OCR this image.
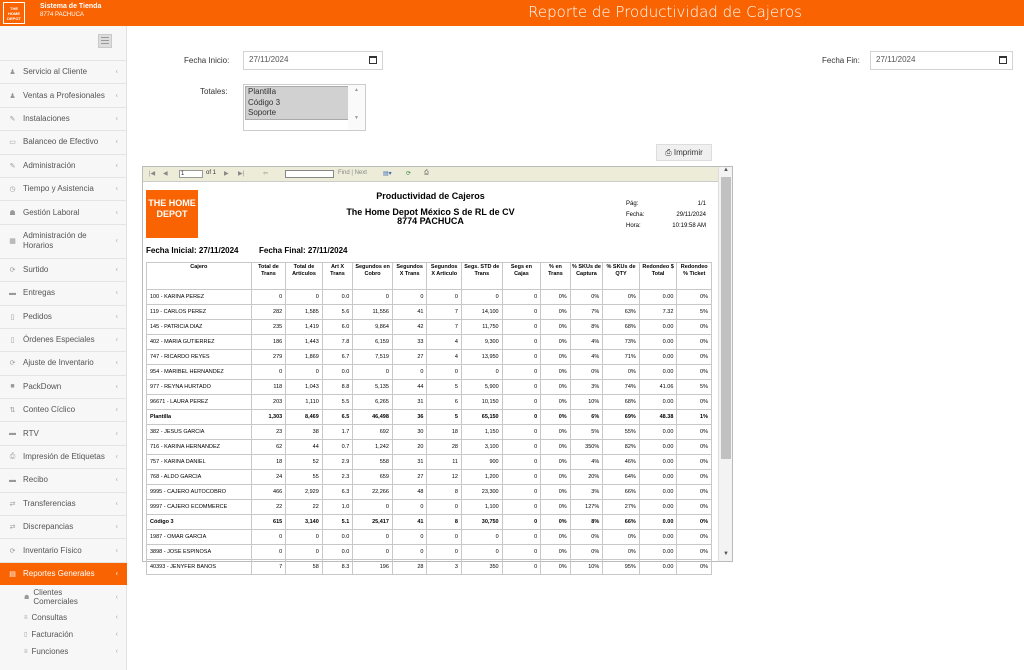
THE HOME DEPOT
Sistema de Tienda
8774 PACHUCA	Reporte de Productividad de Cajeros
♟ Servicio al Cliente	‹
♟ Ventas a Profesionales ‹
✎ Instalaciones	‹
▭ Balanceo de Efectivo ‹
✎ Administración	‹
◷ Tiempo y Asistencia	‹
☗ Gestión Laboral	‹
▦
Administración de Horarios	‹
⟳ Surtido	‹
▬ Entregas	‹
▯	Pedidos	‹
▯	Órdenes Especiales	‹
⟳ Ajuste de Inventario	‹
■ PackDown	‹
⇅ Conteo Cíclico	‹
▬ RTV	‹
⎙ Impresión de Etiquetas ‹
▬ Recibo	‹
⇄ Transferencias	‹
⇄ Discrepancias	‹
⟳ Inventario Físico	‹
▤ Reportes Generales	‹
☗
Clientes Comerciales	‹
≡ Consultas	‹
▯ Facturación	‹
≡ Funciones	‹
Fecha Inicio:	27/11/2024	Fecha Fin:	27/11/2024
Totales:	Plantilla
Código 3
Soporte
▲
▼
⎙ Imprimir
|◀ ◀	1	of 1 ▶ ▶|	⇦	Find | Next	▤▾ ⟳ ⎙
THE HOME DEPOT
Productividad de Cajeros
The Home Depot México S de RL de CV
8774 PACHUCA
Pág:	1/1
Fecha:	29/11/2024
Hora:	10:19:58 AM
Fecha Inicial: 27/11/2024	Fecha Final: 27/11/2024
Cajero	Total de Trans	Total de Artículos	Art X Trans	Segundos en Cobro	Segundos X Trans	Segundos X Articulo	Segs. STD de Trans	Segs en Cajas	% en Trans	% SKUs de Captura	% SKUs de QTY	Redondeo $ Total	Redondeo % Ticket
100 - KARINA PEREZ	0	0	0.0	0	0	0	0	0	0%	0%	0%	0.00	0%
119 - CARLOS PEREZ	282	1,585	5.6	11,556	41	7	14,100	0	0%	7%	63%	7.32	5%
145 - PATRICIA DIAZ	235	1,419	6.0	9,864	42	7	11,750	0	0%	8%	68%	0.00	0%
402 - MARIA GUTIERREZ	186	1,443	7.8	6,159	33	4	9,300	0	0%	4%	73%	0.00	0%
747 - RICARDO REYES	279	1,869	6.7	7,519	27	4	13,950	0	0%	4%	71%	0.00	0%
954 - MARIBEL HERNANDEZ	0	0	0.0	0	0	0	0	0	0%	0%	0%	0.00	0%
977 - REYNA HURTADO	118	1,043	8.8	5,135	44	5	5,900	0	0%	3%	74%	41.06	5%
96671 - LAURA PEREZ	203	1,110	5.5	6,265	31	6	10,150	0	0%	10%	68%	0.00	0%
Plantilla	1,303	8,469	6.5	46,498	36	5	65,150	0	0%	6%	69%	48.38	1%
382 - JESUS GARCIA	23	38	1.7	692	30	18	1,150	0	0%	5%	55%	0.00	0%
716 - KARINA HERNANDEZ	62	44	0.7	1,242	20	28	3,100	0	0%	350%	82%	0.00	0%
757 - KARINA DANIEL	18	52	2.9	558	31	11	900	0	0%	4%	46%	0.00	0%
768 - ALDO GARCIA	24	55	2.3	659	27	12	1,200	0	0%	20%	64%	0.00	0%
9995 - CAJERO AUTOCOBRO	466	2,929	6.3	22,266	48	8	23,300	0	0%	3%	66%	0.00	0%
9997 - CAJERO ECOMMERCE	22	22	1.0	0	0	0	1,100	0	0%	127%	27%	0.00	0%
Código 3	615	3,140	5.1	25,417	41	8	30,750	0	0%	8%	66%	0.00	0%
1987 - OMAR GARCIA	0	0	0.0	0	0	0	0	0	0%	0%	0%	0.00	0%
3898 - JOSE ESPINOSA	0	0	0.0	0	0	0	0	0	0%	0%	0%	0.00	0%
40393 - JENYFER BANOS	7	58	8.3	196	28	3	350	0	0%	10%	95%	0.00	0%
▲
▼
